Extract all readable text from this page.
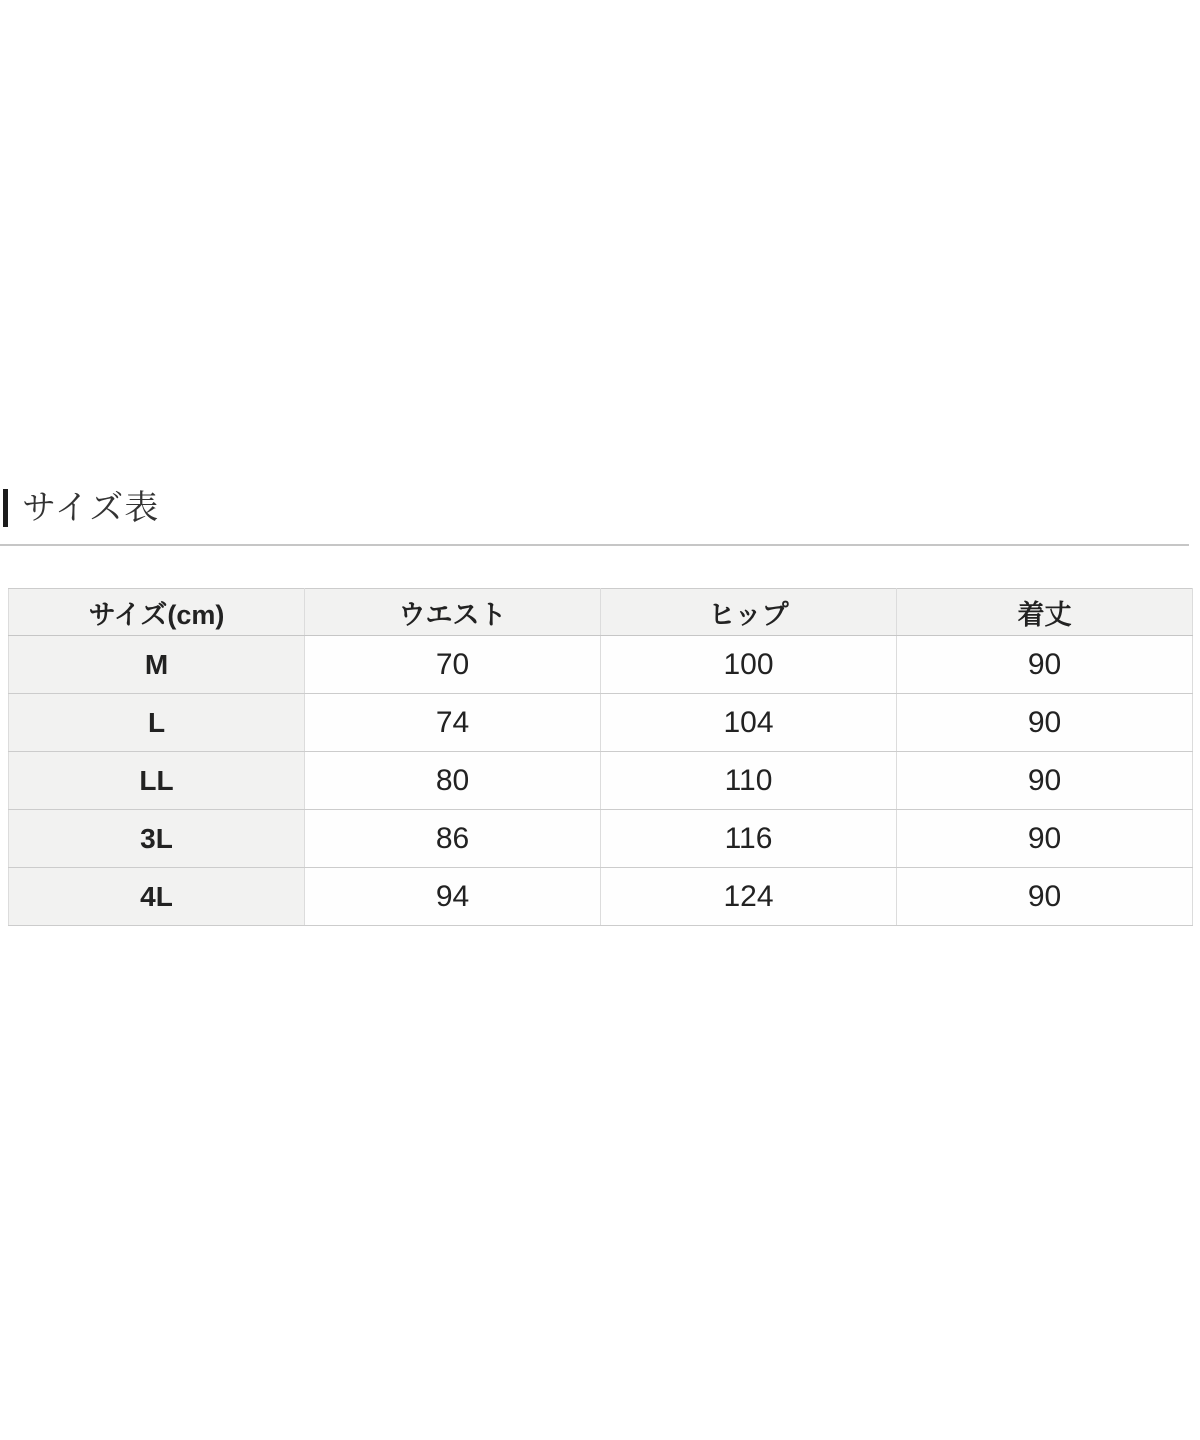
サイズ表
サイズ(cm)	ウエスト	ヒップ	着丈
M	70	100	90
L	74	104	90
LL	80	110	90
3L	86	116	90
4L	94	124	90
